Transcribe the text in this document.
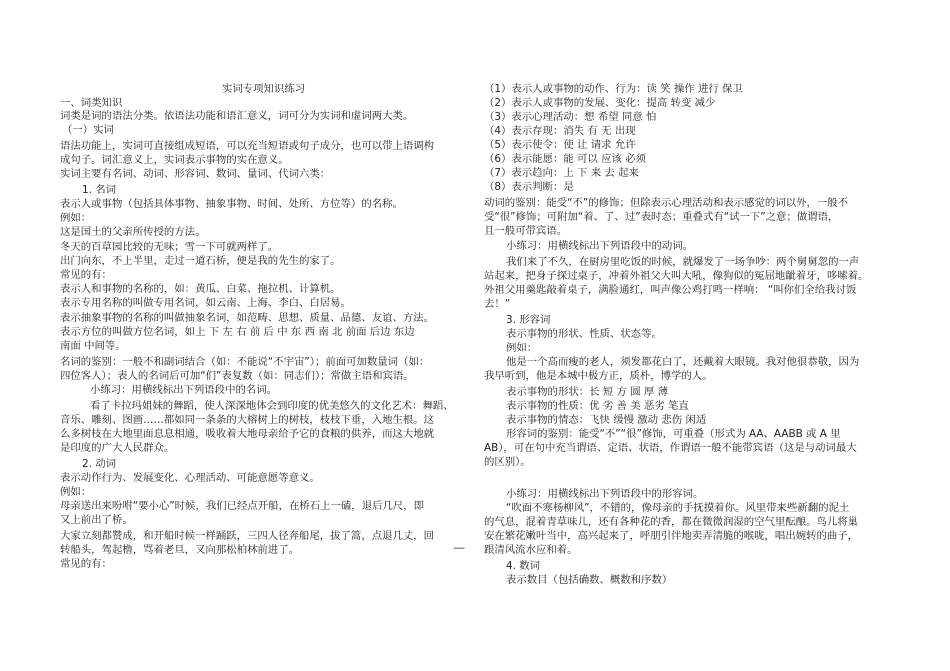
实词专项知识练习
一、词类知识
词类是词的语法分类。依语法功能和语汇意义，词可分为实词和虚词两大类。
（一）实词
语法功能上，实词可直接组成短语，可以充当短语或句子成分，也可以带上语调构
成句子。词汇意义上，实词表示事物的实在意义。
实词主要有名词、动词、形容词、数词、量词、代词六类：
1. 名词
表示人或事物（包括具体事物、抽象事物、时间、处所、方位等）的名称。
例如：
这是国土的父亲所传授的方法。
冬天的百草园比较的无味；雪一下可就两样了。
出门向东，不上半里，走过一道石桥，便是我的先生的家了。
常见的有：
表示人和事物的名称的，如：黄瓜、白菜、拖拉机、计算机。
表示专用名称的叫做专用名词，如云南、上海、李白、白居易。
表示抽象事物的名称的叫做抽象名词，如范畴、思想、质量、品德、友谊、方法。
表示方位的叫做方位名词，如上 下 左 右 前 后 中 东 西 南 北 前面 后边 东边
南面 中间等。
名词的鉴别：一般不和副词结合（如：不能说“不宇宙”）；前面可加数量词（如：
四位客人）；表人的名词后可加“们”表复数（如：同志们）；常做主语和宾语。
小练习：用横线标出下列语段中的名词。
看了卡拉玛姐妹的舞蹈，使人深深地体会到印度的优美悠久的文化艺术：舞蹈、
音乐、雕刻、图画……都如同一条条的大榕树上的树枝，枝枝下垂，入地生根。这
么多树枝在大地里面息息相通，吸收着大地母亲给予它的食粮的供养，而这大地就
是印度的广大人民群众。
2. 动词
表示动作行为、发展变化、心理活动、可能意愿等意义。
例如：
母亲送出来吩咐“要小心”时候，我们已经点开船，在桥石上一磕，退后几尺，即
又上前出了桥。
大家立刻都赞成，和开船时候一样踊跃，三四人径奔船尾，拔了篙，点退几丈，回
转船头，驾起橹，骂着老旦，又向那松柏林前进了。
常见的有：
__
（1）表示人或事物的动作、行为：读 笑 操作 进行 保卫
（2）表示人或事物的发展、变化：提高 转变 减少
（3）表示心理活动：想 希望 同意 怕
（4）表示存现：消失 有 无 出现
（5）表示使令：使 让 请求 允许
（6）表示能愿：能 可以 应该 必须
（7）表示趋向：上 下 来 去 起来
（8）表示判断：是
动词的鉴别：能受“不”的修饰；但除表示心理活动和表示感觉的词以外，一般不
受“很”修饰；可附加“着、了、过”表时态；重叠式有“试一下”之意；做谓语，
且一般可带宾语。
小练习：用横线标出下列语段中的动词。
我们来了不久，在厨房里吃饭的时候，就爆发了一场争吵：两个舅舅忽的一声
站起来，把身子探过桌子，冲着外祖父大叫大吼，像狗似的冤屈地龇着牙，哆嗦着。
外祖父用羹匙敲着桌子，满脸通红，叫声像公鸡打鸣一样响： “叫你们全给我讨饭
去！”
3. 形容词
表示事物的形状、性质、状态等。
例如：
他是一个高而瘦的老人，须发都花白了，还戴着大眼镜。我对他很恭敬，因为
我早听到，他是本城中极方正，质朴，博学的人。
表示事物的形状：长 短 方 圆 厚 薄
表示事物的性质：优 劣 善 美 恶劣 笔直
表示事物的情态：飞快 缓慢 激动 悲伤 闲适
形容词的鉴别：能受“不”“很”修饰，可重叠（形式为 AA、AABB 或 A 里
AB），可在句中充当谓语、定语、状语，作谓语一般不能带宾语（这是与动词最大
的区别）。
小练习：用横线标出下列语段中的形容词。
“吹面不寒杨柳风”，不错的，像母亲的手抚摸着你。风里带来些新翻的泥土
的气息，混着青草味儿，还有各种花的香，都在微微润湿的空气里酝酿。鸟儿将巢
安在繁花嫩叶当中，高兴起来了，呼朋引伴地卖弄清脆的喉咙，唱出婉转的曲子，
跟清风流水应和着。
4. 数词
表示数目（包括确数、概数和序数）
